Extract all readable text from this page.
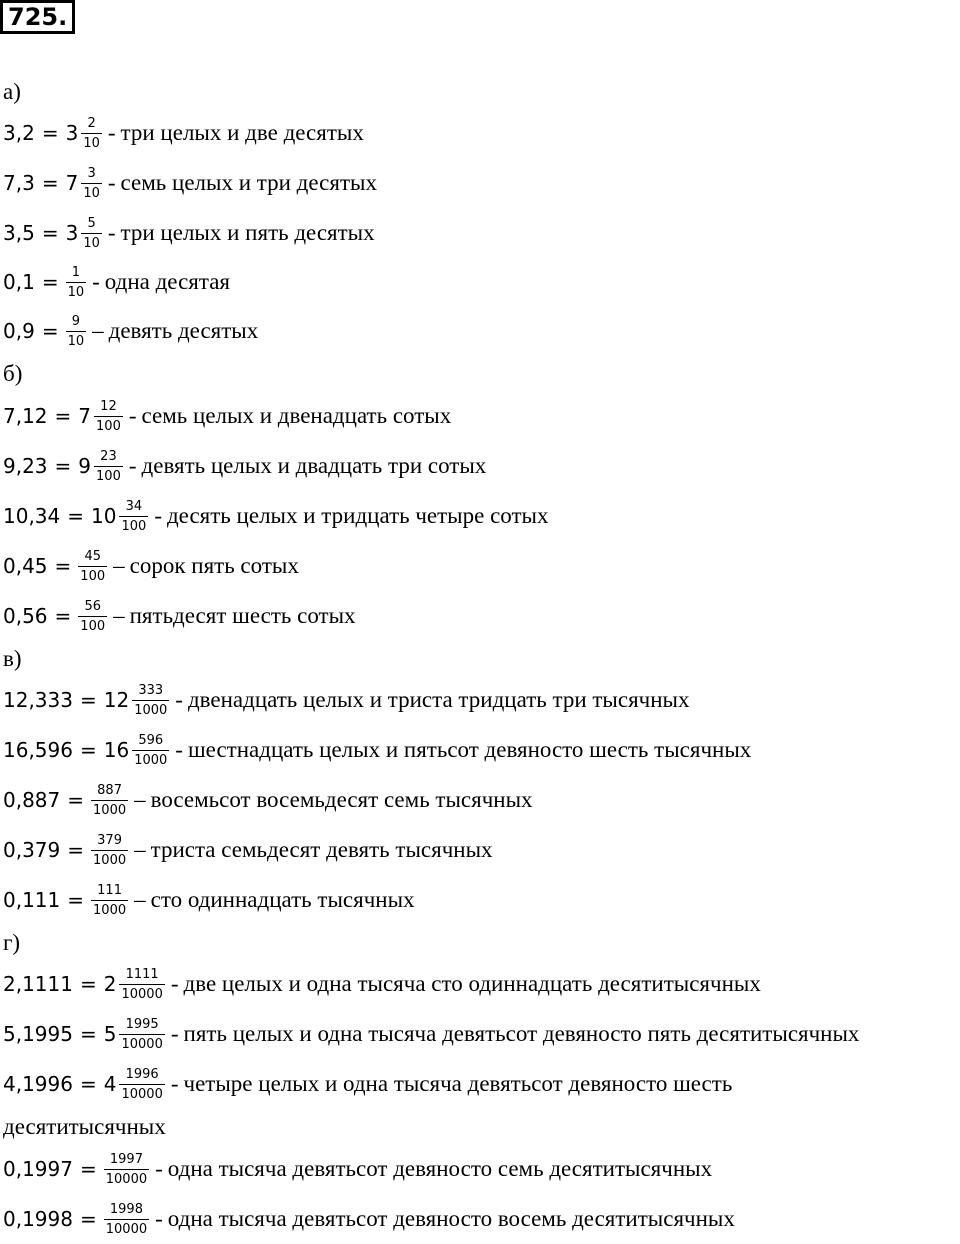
725.
а)
$3,2 = 3 \frac{2}{10}$ - три целых и две десятых
$7,3 = 7 \frac{3}{10}$ - семь целых и три десятых
$3,5 = 3 \frac{5}{10}$ - три целых и пять десятых
$0,1 = \frac{1}{10}$ - одна десятая
$0,9 = \frac{9}{10}$ – девять десятых
б)
$7,12 = 7 \frac{12}{100}$ - семь целых и двенадцать сотых
$9,23 = 9 \frac{23}{100}$ - девять целых и двадцать три сотых
$10,34 = 10 \frac{34}{100}$ - десять целых и тридцать четыре сотых
$0,45 = \frac{45}{100}$ – сорок пять сотых
$0,56 = \frac{56}{100}$ – пятьдесят шесть сотых
в)
$12,333 = 12 \frac{333}{1000}$ - двенадцать целых и триста тридцать три тысячных
$16,596 = 16 \frac{596}{1000}$ - шестнадцать целых и пятьсот девяносто шесть тысячных
$0,887 = \frac{887}{1000}$ – восемьсот восемьдесят семь тысячных
$0,379 = \frac{379}{1000}$ – триста семьдесят девять тысячных
$0,111 = \frac{111}{1000}$ – сто одиннадцать тысячных
г)
$2,1111 = 2 \frac{1111}{10000}$ - две целых и одна тысяча сто одиннадцать десятитысячных
$5,1995 = 5 \frac{1995}{10000}$ - пять целых и одна тысяча девятьсот девяносто пять десятитысячных
$4,1996 = 4 \frac{1996}{10000}$ - четыре целых и одна тысяча девятьсот девяносто шесть
десятитысячных
$0,1997 = \frac{1997}{10000}$ - одна тысяча девятьсот девяносто семь десятитысячных
$0,1998 = \frac{1998}{10000}$ - одна тысяча девятьсот девяносто восемь десятитысячных
